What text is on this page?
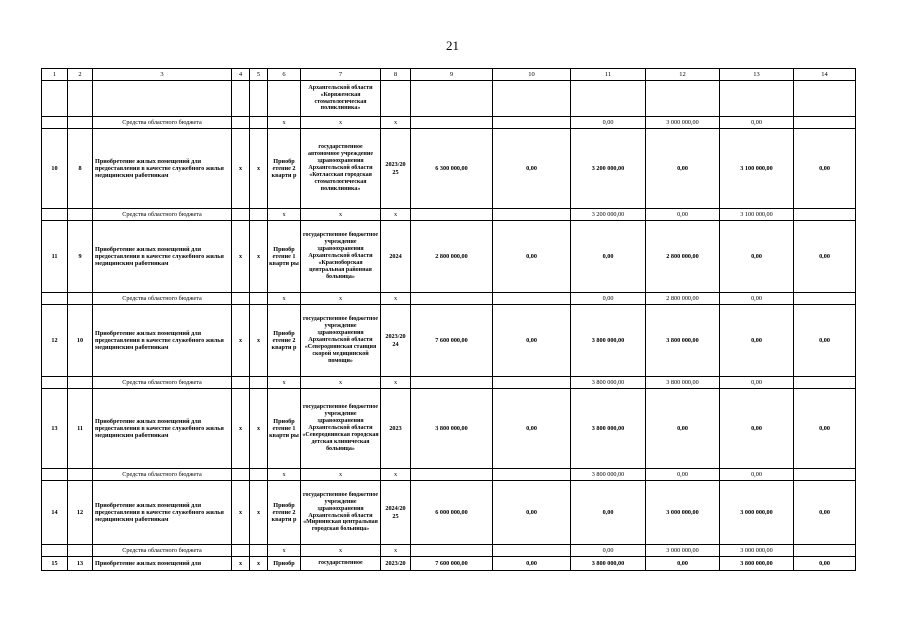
21
1	2	3	4	5	6	7	8	9	10	11	12	13	14
						Архангельской области «Коряжемская стоматологическая поликлиника»							
		Средства областного бюджета			х	х	х			0,00	3 000 000,00	0,00	
10	8	Приобретение жилых помещений для предоставления в качестве служебного жилья медицинским работникам	х	х	Приобр етение 2 кварти р	государственное автономное учреждение здравоохранения Архангельской области «Котласская городская стоматологическая поликлиника»	2023/20 25	6 300 000,00	0,00	3 200 000,00	0,00	3 100 000,00	0,00
		Средства областного бюджета			х	х	х			3 200 000,00	0,00	3 100 000,00	
11	9	Приобретение жилых помещений для предоставления в качестве служебного жилья медицинским работникам	х	х	Приобр етение 1 кварти ры	государственное бюджетное учреждение здравоохранения Архангельской области «Красноборская центральная районная больница»	2024	2 800 000,00	0,00	0,00	2 800 000,00	0,00	0,00
		Средства областного бюджета			х	х	х			0,00	2 800 000,00	0,00	
12	10	Приобретение жилых помещений для предоставления в качестве служебного жилья медицинским работникам	х	х	Приобр етение 2 кварти р	государственное бюджетное учреждение здравоохранения Архангельской области «Северодвинская станция скорой медицинской помощи»	2023/20 24	7 600 000,00	0,00	3 800 000,00	3 800 000,00	0,00	0,00
		Средства областного бюджета			х	х	х			3 800 000,00	3 800 000,00	0,00	
13	11	Приобретение жилых помещений для предоставления в качестве служебного жилья медицинским работникам	х	х	Приобр етение 1 кварти ры	государственное бюджетное учреждение здравоохранения Архангельской области «Северодвинская городская детская клиническая больница»	2023	3 800 000,00	0,00	3 800 000,00	0,00	0,00	0,00
		Средства областного бюджета			х	х	х			3 800 000,00	0,00	0,00	
14	12	Приобретение жилых помещений для предоставления в качестве служебного жилья медицинским работникам	х	х	Приобр етение 2 кварти р	государственное бюджетное учреждение здравоохранения Архангельской области «Мирнинская центральная городская больница»	2024/20 25	6 000 000,00	0,00	0,00	3 000 000,00	3 000 000,00	0,00
		Средства областного бюджета			х	х	х			0,00	3 000 000,00	3 000 000,00	
15	13	Приобретение жилых помещений для	х	х	Приобр	государственное	2023/20	7 600 000,00	0,00	3 800 000,00	0,00	3 800 000,00	0,00
